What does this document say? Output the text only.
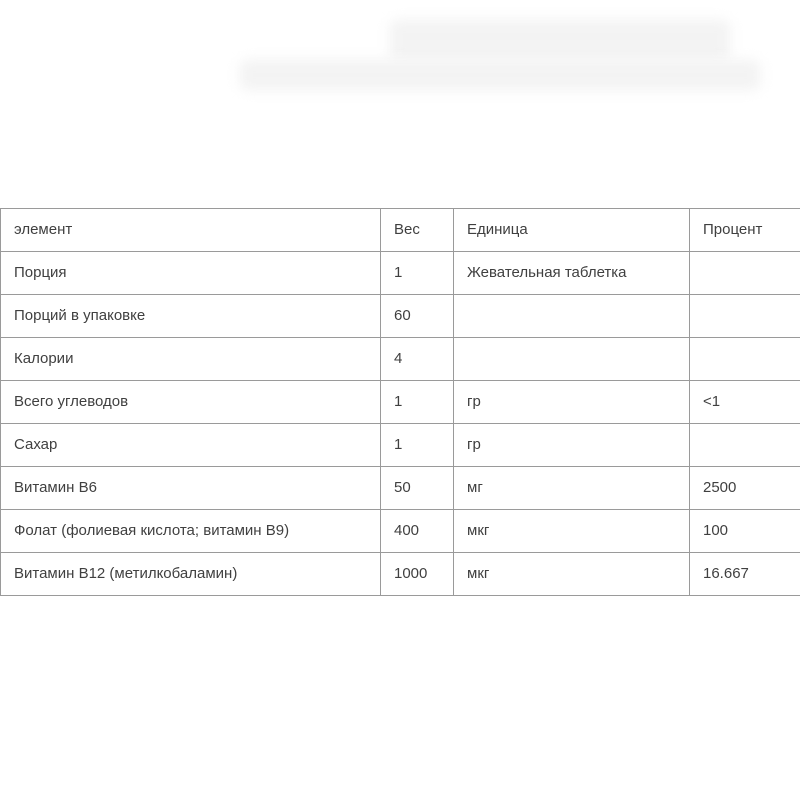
элемент	Вес	Единица	Процент
Порция	1	Жевательная таблетка	
Порций в упаковке	60		
Калории	4		
Всего углеводов	1	гр	<1
Сахар	1	гр	
Витамин В6	50	мг	2500
Фолат (фолиевая кислота; витамин В9)	400	мкг	100
Витамин В12 (метилкобаламин)	1000	мкг	16.667
